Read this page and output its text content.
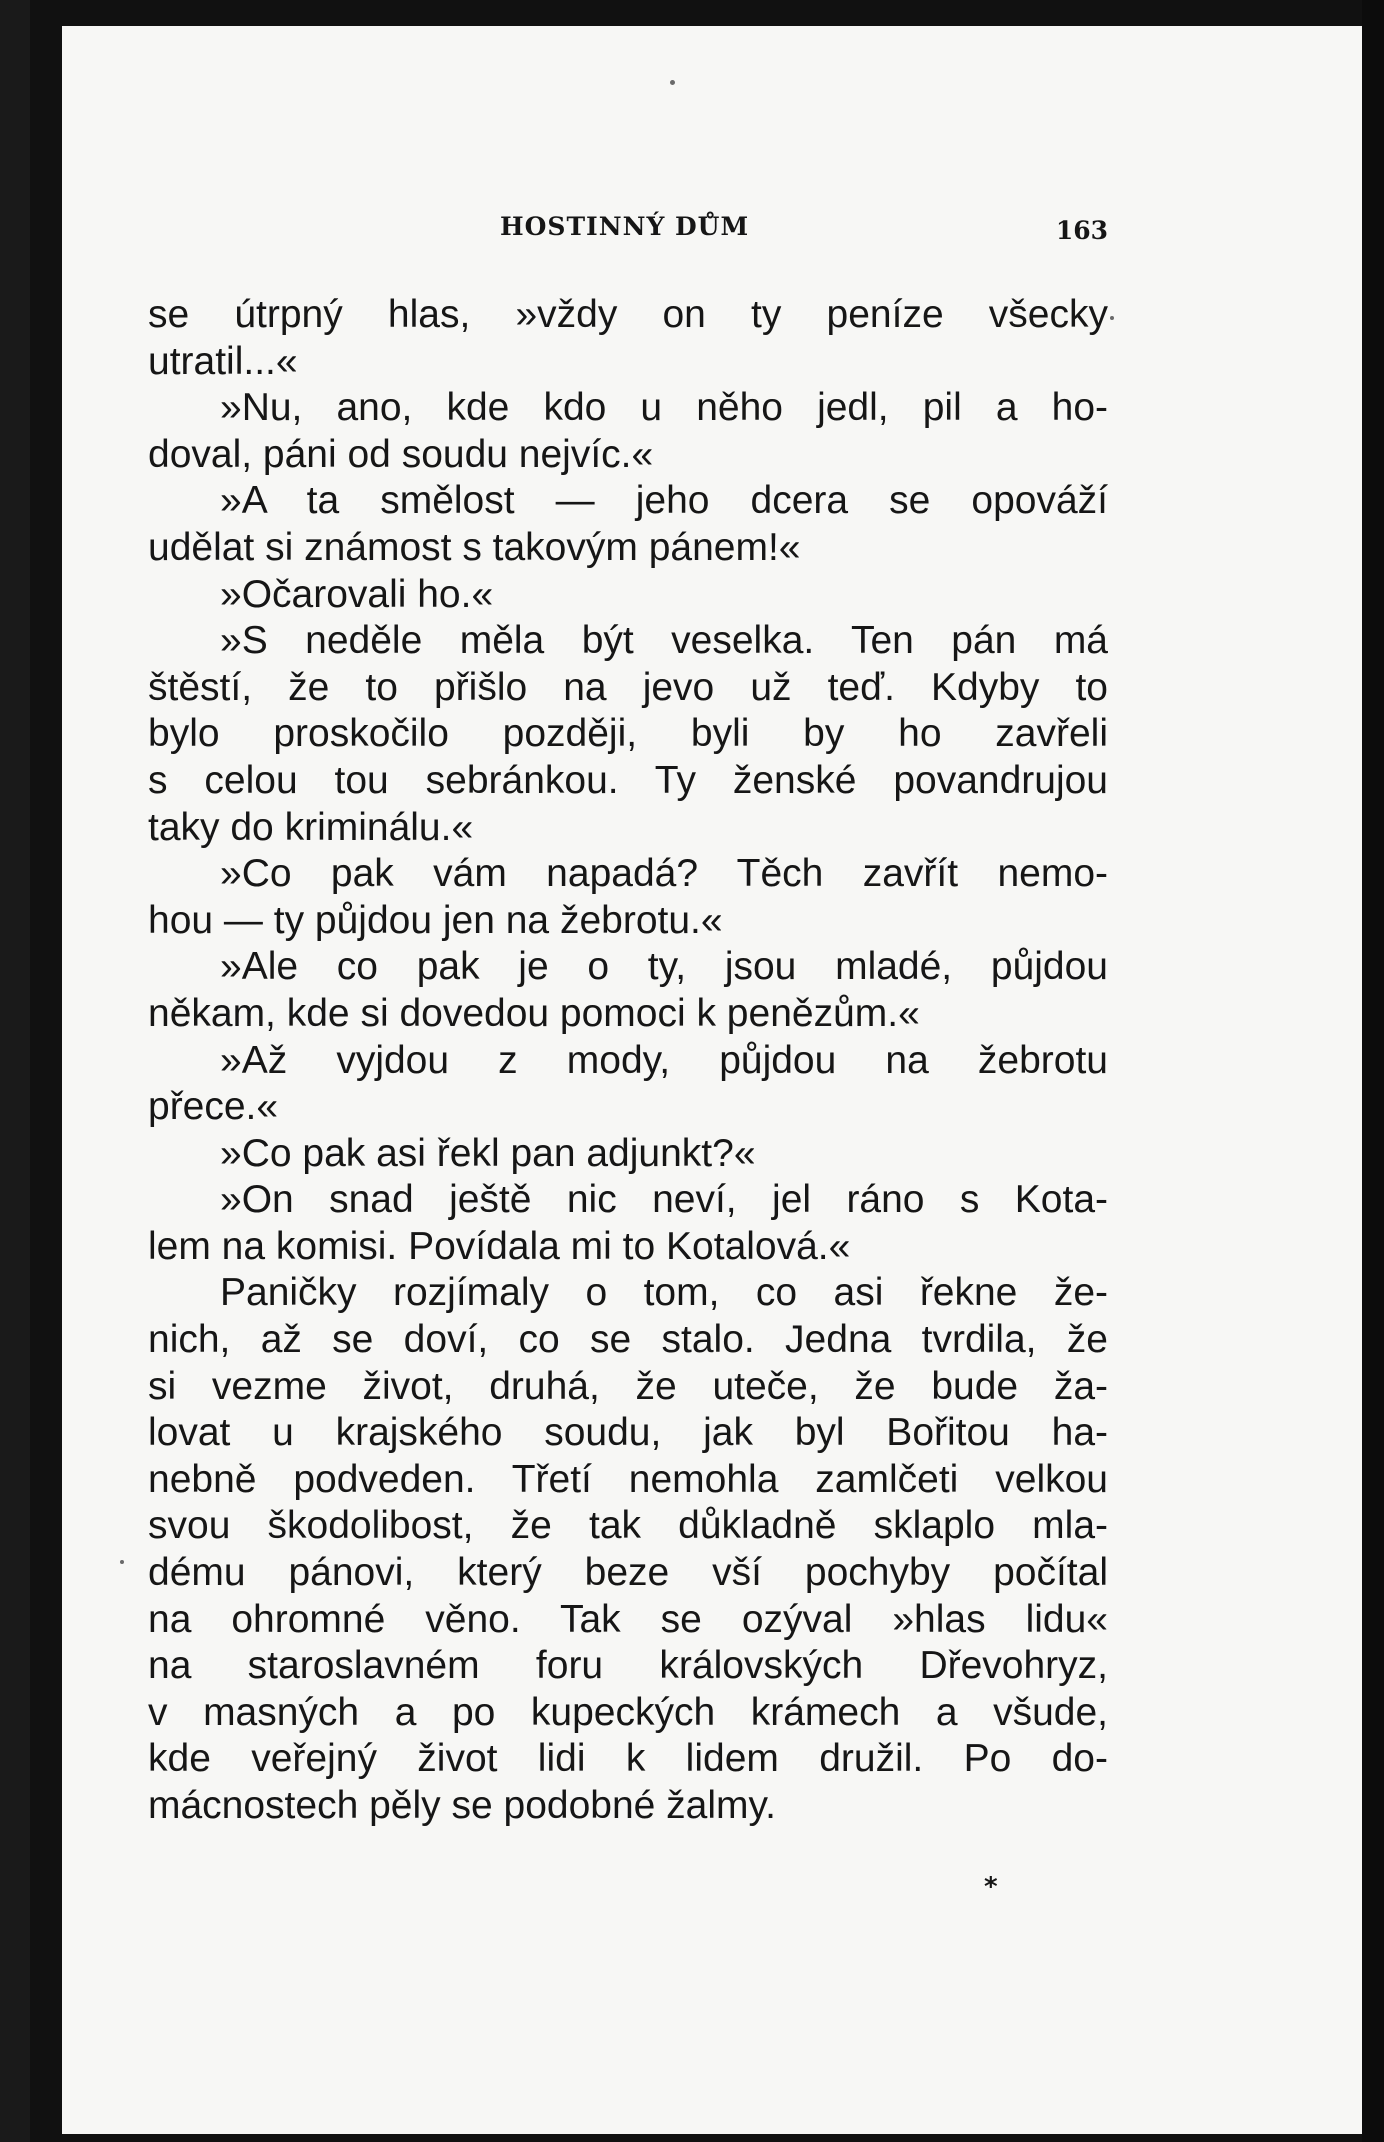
HOSTINNÝ DŮM	163
se útrpný hlas, »vždy on ty peníze všecky
utratil...«
»Nu, ano, kde kdo u něho jedl, pil a ho-
doval, páni od soudu nejvíc.«
»A ta smělost — jeho dcera se opováží
udělat si známost s takovým pánem!«
»Očarovali ho.«
»S neděle měla být veselka. Ten pán má
štěstí, že to přišlo na jevo už teď. Kdyby to
bylo proskočilo později, byli by ho zavřeli
s celou tou sebránkou. Ty ženské povandrujou
taky do kriminálu.«
»Co pak vám napadá? Těch zavřít nemo-
hou — ty půjdou jen na žebrotu.«
»Ale co pak je o ty, jsou mladé, půjdou
někam, kde si dovedou pomoci k penězům.«
»Až vyjdou z mody, půjdou na žebrotu
přece.«
»Co pak asi řekl pan adjunkt?«
»On snad ještě nic neví, jel ráno s Kota-
lem na komisi. Povídala mi to Kotalová.«
Paničky rozjímaly o tom, co asi řekne že-
nich, až se doví, co se stalo. Jedna tvrdila, že
si vezme život, druhá, že uteče, že bude ža-
lovat u krajského soudu, jak byl Bořitou ha-
nebně podveden. Třetí nemohla zamlčeti velkou
svou škodolibost, že tak důkladně sklaplo mla-
dému pánovi, který beze vší pochyby počítal
na ohromné věno. Tak se ozýval »hlas lidu«
na staroslavném foru královských Dřevohryz,
v masných a po kupeckých krámech a všude,
kde veřejný život lidi k lidem družil. Po do-
mácnostech pěly se podobné žalmy.
*
